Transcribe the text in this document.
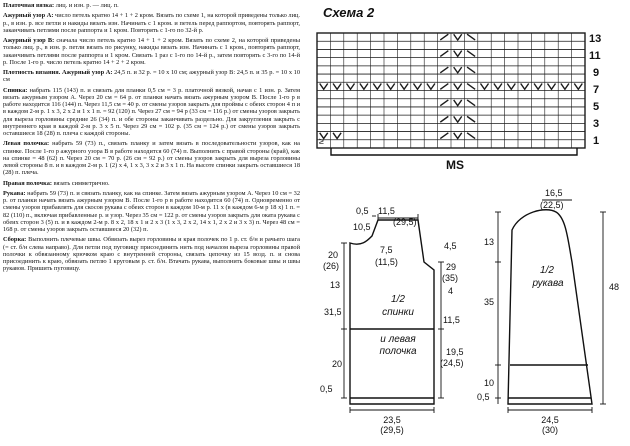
Платочная вязка: лиц. и изн. р. — лиц. п.

Ажурный узор А: число петель кратно 14 + 1 + 2 кром. Вязать по схеме 1, на которой приведены только лиц. р., в изн. р. все петли и накиды вязать изн. Начинать с 1 кром. и петель перед раппортом, повторять раппорт, заканчивать петлями после раппорта и 1 кром. Повторять с 1-го по 32-й р.

Ажурный узор В: сначала число петель кратно 14 + 1 + 2 кром. Вязать по схеме 2, на которой приведены только лиц. р., в изн. р. петли вязать по рисунку, накиды вязать изн. Начинать с 1 кром., повторять раппорт, заканчивать петлями после раппорта и 1 кром. Связать 1 раз с 1-го по 14-й р., затем повторять с 3-го по 14-й р. После 1-го р. число петель кратно 14 + 2 + 2 кром.

Плотность вязания. Ажурный узор А: 24,5 п. и 32 р. = 10 х 10 см; ажурный узор В: 24,5 п. и 35 р. = 10 х 10 см

Спинка: набрать 115 (143) п. и связать для планки 0,5 см = 3 р. платочной вязкой, начав с 1 изн. р. Затем вязать ажурным узором А. Через 20 см = 64 р. от планки начать вязать ажурным узором В. После 1-го р в работе находится 116 (144) п. Через 11,5 см = 40 р. от смены узоров закрыть для проймы с обеих сторон 4 п и в каждом 2-м р. 1 х 3, 2 х 2 и 1 х 1 п. = 92 (120) п. Через 27 см = 94 р (33 см = 116 р.) от смены узоров закрыть для выреза горловины средние 26 (34) п. и обе стороны заканчивать раздельно. Для закругления закрыть с внутреннего края в каждой 2-м р. 3 х 5 п. Через 29 см = 102 р. (35 см = 124 р.) от смены узоров закрыть оставшиеся 18 (28) п. плеча с каждой стороны.

Левая полочка: набрать 59 (73) п., связать планку и затем вязать в последовательности узоров, как на спинке. После 1-го р ажурного узора В в работе находится 60 (74) п. Выполнить с правой стороны (край), как на спинке = 48 (62) п. Через 20 см = 70 р. (26 см = 92 р.) от смены узоров закрыть для выреза горловины левой стороны 8 п. и в каждом 2-м р. 1 (2) х 4, 1 х 3, 3 х 2 и 3 х 1 п. На высоте спинки закрыть оставшиеся 18 (28) п. плеча.

Правая полочка: вязать симметрично.

Рукава: набрать 59 (73) п. и связать планку, как на спинке. Затем вязать ажурным узором А. Через 10 см = 32 р. от планки начать вязать ажурным узором В. После 1-го р в работе находится 60 (74) п. Одновременно от смены узоров прибавлять для скосов рукава с обеих сторон в каждом 10-м р. 11 х (в каждом 6-м р 18 х) 1 п. = 82 (110) п., включая прибавленные р. и узор. Через 35 см = 122 р. от смены узоров закрыть для оката рукава с обеих сторон 3 (5) п. и в каждом 2-м р. 8 х 2, 18 х 1 и 2 х 3 (1 х 3, 2 х 2, 14 х 1, 2 х 2 и 3 х 3) п. Через 48 см = 168 р. от смены узоров закрыть оставшиеся 20 (32) п.

Сборка: Выполнить плечевые швы. Обвязать вырез горловины и края полочек по 1 р. ст. б/н и рачьего шага (= ст. б/н слева направо). Для петли под пуговицу присоединить нить под началом выреза горловины правой полочки к обвязанному крючком краю с внутренней стороны, связать цепочку из 15 возд. п. и снова присоединить к краю, обвязать петлю 1 круговым р. ст. б/н. Втачать рукава, выполнить боковые швы и швы рукавов. Пришить пуговицу.

Схема 2
≥
13
11
9
7
5
3
1
MS
0,5
10,5
11,5
(29,5)
7,5
(11,5)
20
(26)
13
31,5
4,5
29
(35)
4
11,5
20
0,5
23,5
(29,5)
19,5
(24,5)
1/2
спинки
и левая
полочка
16,5
(22,5)
13
35
48
10
0,5
24,5
(30)
1/2
рукава
